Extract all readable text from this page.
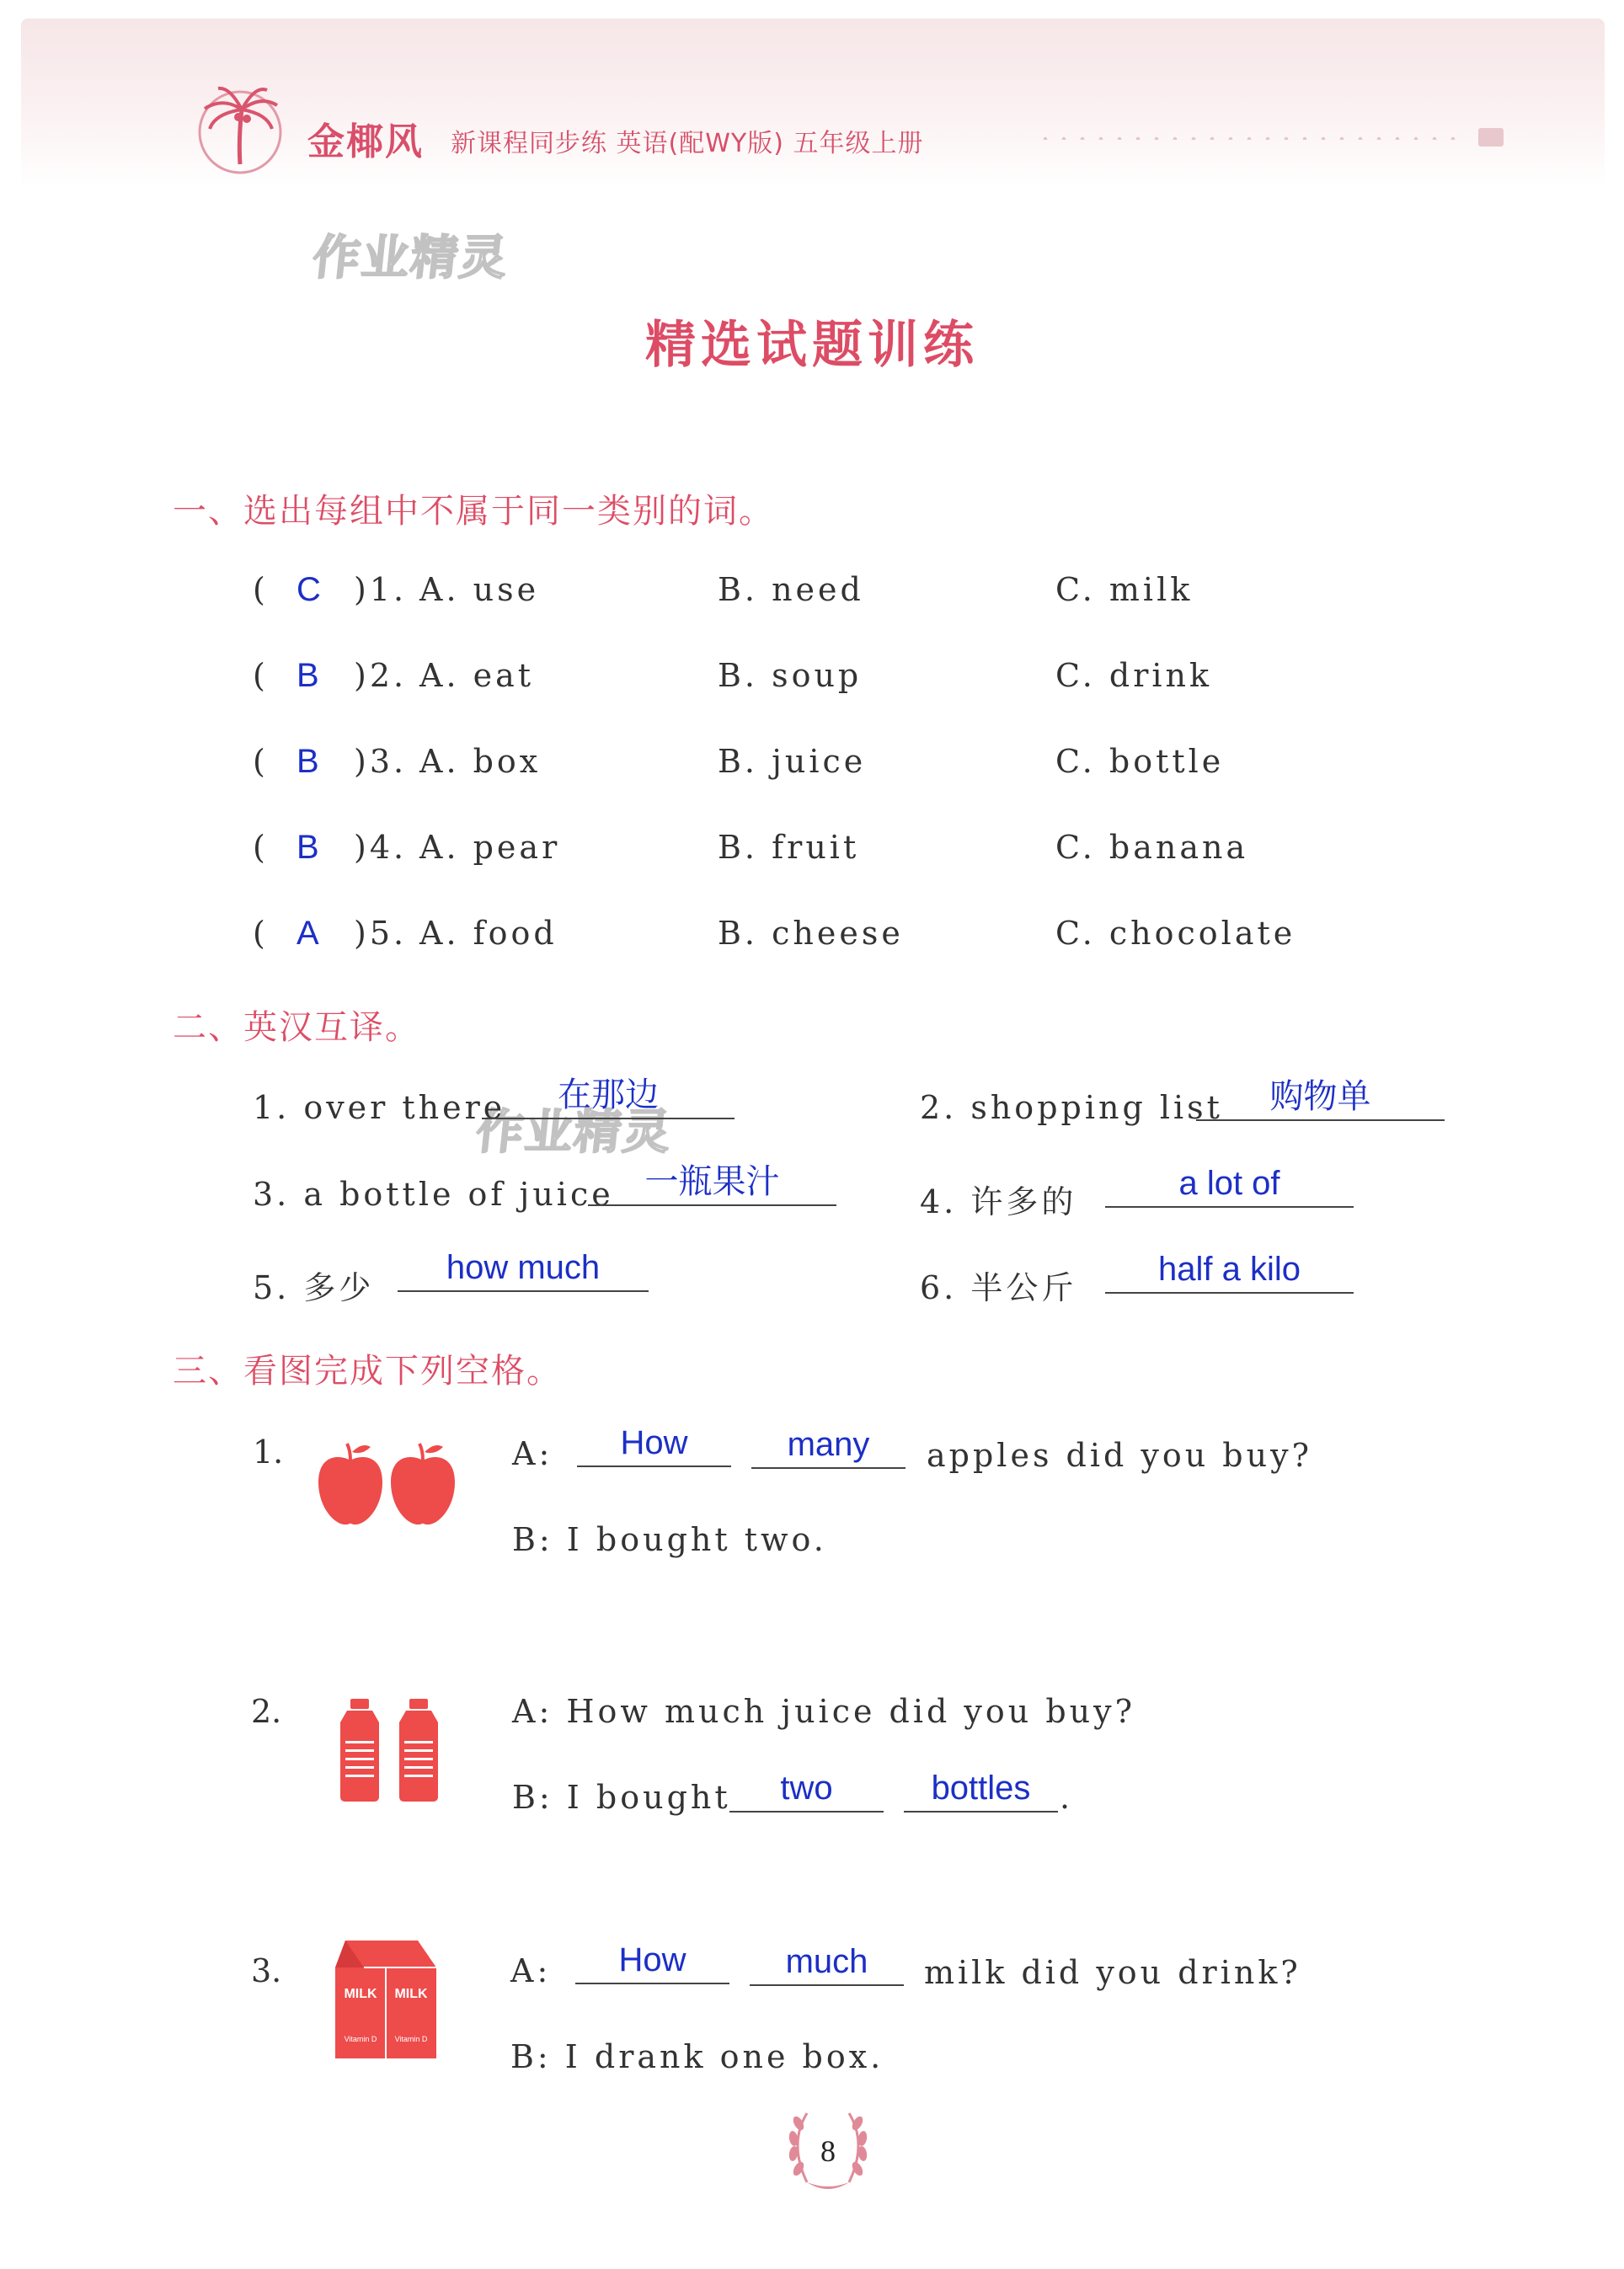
金椰风 新课程同步练 英语(配WY版) 五年级上册
作业精灵
作业精灵
精选试题训练
一、选出每组中不属于同一类别的词。
( C )1. A. use	B. need	C. milk
( B )2. A. eat	B. soup	C. drink
( B )3. A. box	B. juice	C. bottle
( B )4. A. pear	B. fruit	C. banana
( A )5. A. food	B. cheese	C. chocolate
二、英汉互译。
1. over there	在那边	2. shopping list	购物单
3. a bottle of juice 一瓶果汁
4. 许多的	a lot of
5. 多少
how much
6. 半公斤	half a kilo
三、看图完成下列空格。
1.	A:	How	many	apples did you buy?
B: I bought two.
2.	A: How much juice did you buy?
B: I bought	two	bottles .
3.
MILK MILK
Vitamin D Vitamin D
A:	How	much	milk did you drink?
B: I drank one box.
8
